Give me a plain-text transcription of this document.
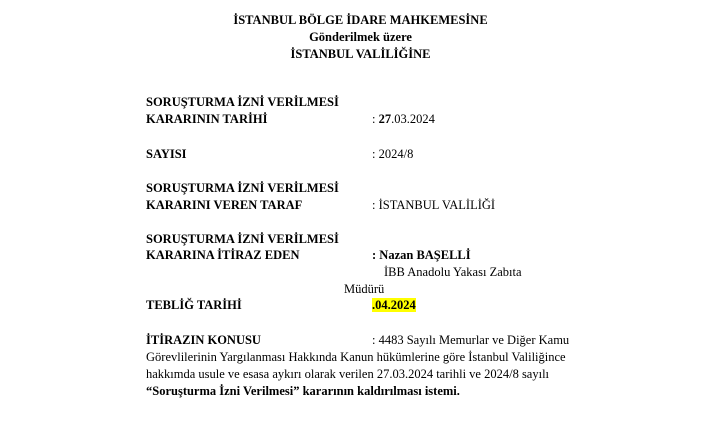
İSTANBUL BÖLGE İDARE MAHKEMESİNE
Gönderilmek üzere
İSTANBUL VALİLİĞİNE
SORUŞTURMA İZNİ VERİLMESİ
KARARININ TARİHİ	: 27.03.2024
SAYISI	: 2024/8
SORUŞTURMA İZNİ VERİLMESİ
KARARINI VEREN TARAF	: İSTANBUL VALİLİĞİ
SORUŞTURMA İZNİ VERİLMESİ
KARARINA İTİRAZ EDEN	: Nazan BAŞELLİ
İBB Anadolu Yakası Zabıta
Müdürü
TEBLİĞ TARİHİ	.04.2024
İTİRAZIN KONUSU	: 4483 Sayılı Memurlar ve Diğer Kamu
Görevlilerinin Yargılanması Hakkında Kanun hükümlerine göre İstanbul Valiliğince
hakkımda usule ve esasa aykırı olarak verilen 27.03.2024 tarihli ve 2024/8 sayılı
“Soruşturma İzni Verilmesi” kararının kaldırılması istemi.
